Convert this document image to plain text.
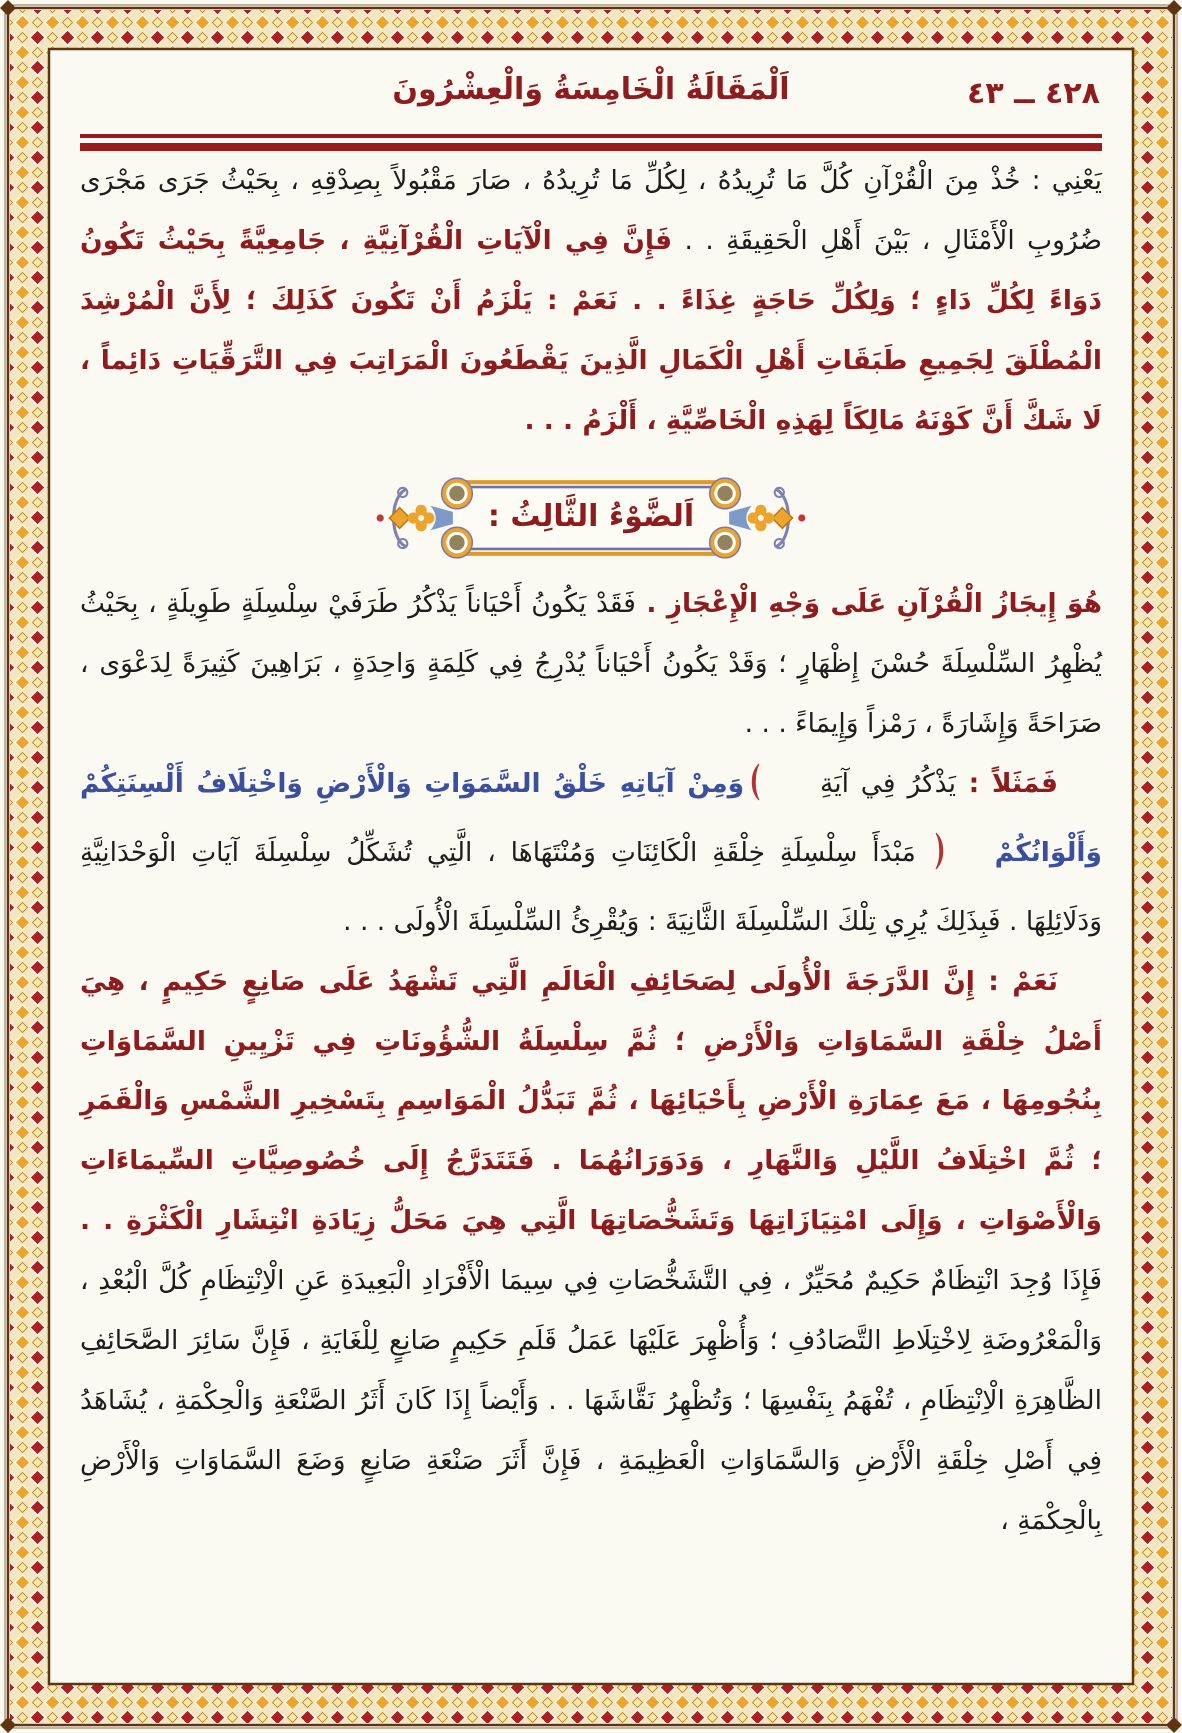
٤٢٨ ــ ٤٣
اَلْمَقَالَةُ الْخَامِسَةُ وَالْعِشْرُونَ

يَعْنِي : خُذْ مِنَ الْقُرْآنِ كُلَّ مَا تُرِيدُهُ ، لِكُلِّ مَا تُرِيدُهُ ، صَارَ مَقْبُولاً بِصِدْقِهِ ، بِحَيْثُ جَرَى مَجْرَى ضُرُوبِ الْأَمْثَالِ ، بَيْنَ أَهْلِ الْحَقِيقَةِ . . فَإِنَّ فِي الْآيَاتِ الْقُرْآنِيَّةِ ، جَامِعِيَّةً بِحَيْثُ تَكُونُ دَوَاءً لِكُلِّ دَاءٍ ؛ وَلِكُلِّ حَاجَةٍ غِذَاءً . . نَعَمْ : يَلْزَمُ أَنْ تَكُونَ كَذَلِكَ ؛ لِأَنَّ الْمُرْشِدَ الْمُطْلَقَ لِجَمِيعِ طَبَقَاتِ أَهْلِ الْكَمَالِ الَّذِينَ يَقْطَعُونَ الْمَرَاتِبَ فِي التَّرَقِّيَاتِ دَائِماً ، لَا شَكَّ أَنَّ كَوْنَهُ مَالِكَاً لِهَذِهِ الْخَاصِّيَّةِ ، أَلْزَمُ . . .

اَلضَّوْءُ الثَّالِثُ :

هُوَ إِيجَازُ الْقُرْآنِ عَلَى وَجْهِ الْإِعْجَازِ . فَقَدْ يَكُونُ أَحْيَاناً يَذْكُرُ طَرَفَيْ سِلْسِلَةٍ طَوِيلَةٍ ، بِحَيْثُ يُظْهِرُ السِّلْسِلَةَ حُسْنَ إِظْهَارٍ ؛ وَقَدْ يَكُونُ أَحْيَاناً يُدْرِجُ فِي كَلِمَةٍ وَاحِدَةٍ ، بَرَاهِينَ كَثِيرَةً لِدَعْوَى ، صَرَاحَةً وَإِشَارَةً ، رَمْزاً وَإِيمَاءً . . .

فَمَثَلاً : يَذْكُرُ فِي آيَةِ وَمِنْ آيَاتِهِ خَلْقُ السَّمَوَاتِ وَالْأَرْضِ وَاخْتِلَافُ أَلْسِنَتِكُمْ وَأَلْوَانُكُمْ مَبْدَأَ سِلْسِلَةِ خِلْقَةِ الْكَائِنَاتِ وَمُنْتَهَاهَا ، الَّتِي تُشَكِّلُ سِلْسِلَةَ آيَاتِ الْوَحْدَانِيَّةِ وَدَلَائِلِهَا . فَبِذَلِكَ يُرِي تِلْكَ السِّلْسِلَةَ الثَّانِيَةَ : وَيُقْرِئُ السِّلْسِلَةَ الْأُولَى . . .

نَعَمْ : إِنَّ الدَّرَجَةَ الْأُولَى لِصَحَائِفِ الْعَالَمِ الَّتِي تَشْهَدُ عَلَى صَانِعٍ حَكِيمٍ ، هِيَ أَصْلُ خِلْقَةِ السَّمَاوَاتِ وَالْأَرْضِ ؛ ثُمَّ سِلْسِلَةُ الشُّؤُونَاتِ فِي تَزْيِينِ السَّمَاوَاتِ بِنُجُومِهَا ، مَعَ عِمَارَةِ الْأَرْضِ بِأَحْيَائِهَا ، ثُمَّ تَبَدُّلُ الْمَوَاسِمِ بِتَسْخِيرِ الشَّمْسِ وَالْقَمَرِ ؛ ثُمَّ اخْتِلَافُ اللَّيْلِ وَالنَّهَارِ ، وَدَوَرَانُهُمَا . فَتَتَدَرَّجُ إِلَى خُصُوصِيَّاتِ السِّيمَاءَاتِ وَالْأَصْوَاتِ ، وَإِلَى امْتِيَازَاتِهَا وَتَشَخُّصَاتِهَا الَّتِي هِيَ مَحَلُّ زِيَادَةِ انْتِشَارِ الْكَثْرَةِ . . فَإِذَا وُجِدَ انْتِظَامٌ حَكِيمٌ مُحَيِّرٌ ، فِي التَّشَخُّصَاتِ فِي سِيمَا الْأَفْرَادِ الْبَعِيدَةِ عَنِ الْاِنْتِظَامِ كُلَّ الْبُعْدِ ، وَالْمَعْرُوضَةِ لِاخْتِلَاطِ التَّصَادُفِ ؛ وَأُظْهِرَ عَلَيْهَا عَمَلُ قَلَمِ حَكِيمٍ صَانِعٍ لِلْغَايَةِ ، فَإِنَّ سَائِرَ الصَّحَائِفِ الظَّاهِرَةِ الْاِنْتِظَامِ ، تُفْهَمُ بِنَفْسِهَا ؛ وَتُظْهِرُ نَقَّاشَهَا . . وَأَيْضاً إِذَا كَانَ أَثَرُ الصَّنْعَةِ وَالْحِكْمَةِ ، يُشَاهَدُ فِي أَصْلِ خِلْقَةِ الْأَرْضِ وَالسَّمَاوَاتِ الْعَظِيمَةِ ، فَإِنَّ أَثَرَ صَنْعَةِ صَانِعٍ وَضَعَ السَّمَاوَاتِ وَالْأَرْضِ بِالْحِكْمَةِ ،
